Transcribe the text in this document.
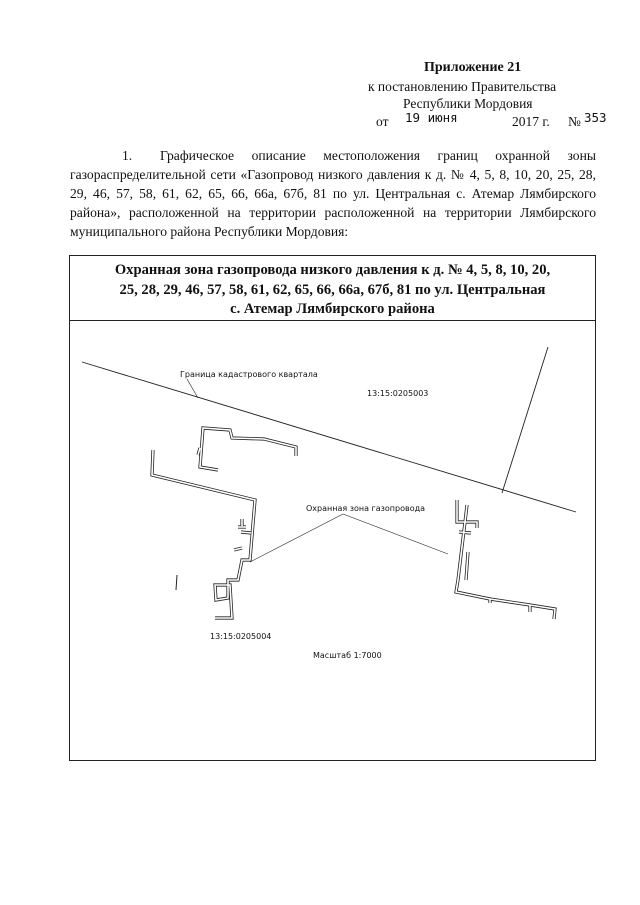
Приложение 21
к постановлению Правительства
Республики Мордовия
от 19 июня	2017 г. № 353
1. Графическое описание местоположения границ охранной зоны газораспределительной сети «Газопровод низкого давления к д. № 4, 5, 8, 10, 20, 25, 28, 29, 46, 57, 58, 61, 62, 65, 66, 66а, 67б, 81 по ул. Центральная с. Атемар Лямбирского района», расположенной на территории расположенной на территории Лямбирского муниципального района Республики Мордовия:
Охранная зона газопровода низкого давления к д. № 4, 5, 8, 10, 20,
25, 28, 29, 46, 57, 58, 61, 62, 65, 66, 66а, 67б, 81 по ул. Центральная
с. Атемар Лямбирского района
Граница кадастрового квартала
13:15:0205003
Охранная зона газопровода
13:15:0205004
Масштаб 1:7000
